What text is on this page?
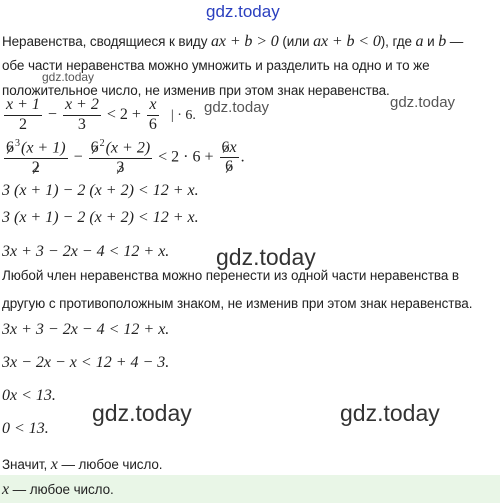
gdz.today
Неравенства, сводящиеся к виду ax + b > 0 (или ax + b < 0), где a и b —
обе части неравенства можно умножить и разделить на одно и то же
gdz.today
положительное число, не изменив при этом знак неравенства.
$\frac{x + 1}{2} - \frac{x + 2}{3} < 2 + \frac{x}{6}$ | · 6. gdz.today	gdz.today
$\frac{6^3(x + 1)}{2} - \frac{6^2(x + 2)}{3} < 2 \cdot 6 + \frac{6x}{6}$ .
3 (x + 1) − 2 (x + 2) < 12 + x.
3 (x + 1) − 2 (x + 2) < 12 + x.
3x + 3 − 2x − 4 < 12 + x. gdz.today
Любой член неравенства можно перенести из одной части неравенства в
другую с противоположным знаком, не изменив при этом знак неравенства.
3x + 3 − 2x − 4 < 12 + x.
3x − 2x − x < 12 + 4 − 3.
0x < 13.
gdz.today	gdz.today
0 < 13.
Значит, x — любое число.
x — любое число.
